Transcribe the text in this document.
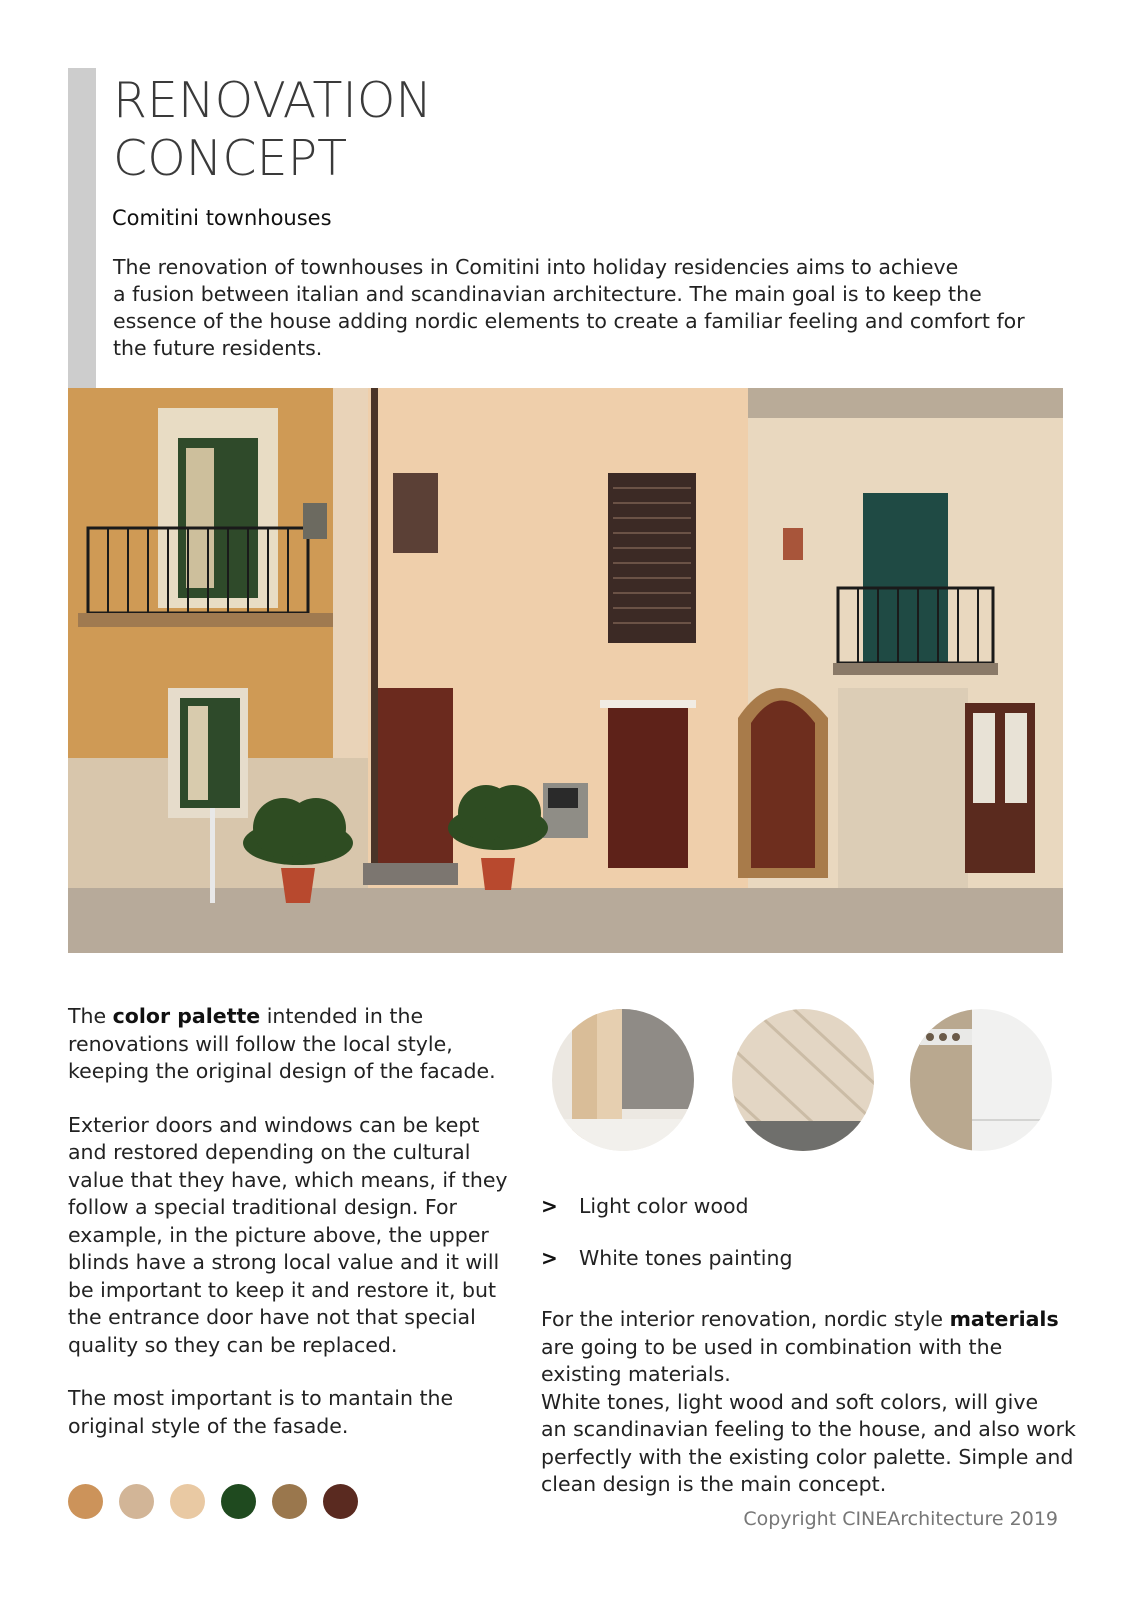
RENOVATION
CONCEPT
Comitini townhouses

The renovation of townhouses in Comitini into holiday residencies aims to achieve
a fusion between italian and scandinavian architecture. The main goal is to keep the
essence of the house adding nordic elements to create a familiar feeling and comfort for
the future residents.

The color palette intended in the
renovations will follow the local style,
keeping the original design of the facade.

Exterior doors and windows can be kept
and restored depending on the cultural
value that they have, which means, if they
follow a special traditional design. For
example, in the picture above, the upper
blinds have a strong local value and it will
be important to keep it and restore it, but
the entrance door have not that special
quality so they can be replaced.

The most important is to mantain the
original style of the fasade.

>	Light color wood
>	White tones painting
For the interior renovation, nordic style materials
are going to be used in combination with the
existing materials.
White tones, light wood and soft colors, will give
an scandinavian feeling to the house, and also work
perfectly with the existing color palette. Simple and
clean design is the main concept.
Copyright CINEArchitecture 2019
